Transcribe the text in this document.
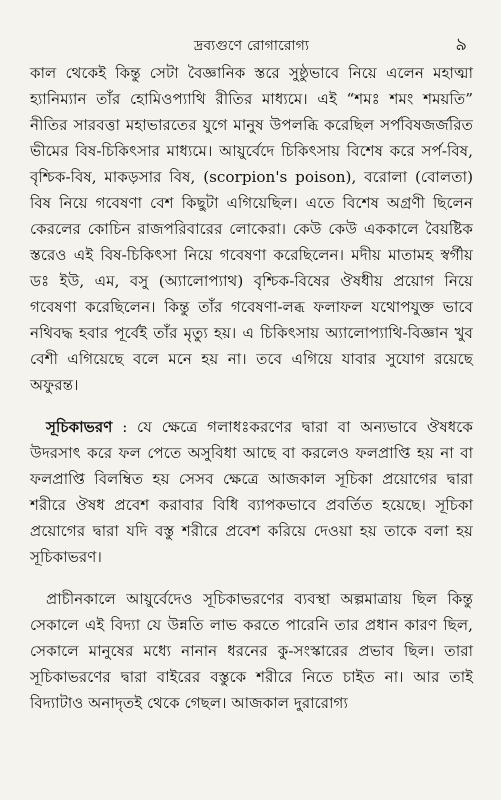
দ্রব্যগুণে রোগারোগ্য	৯

কাল থেকেই কিন্তু সেটা বৈজ্ঞানিক স্তরে সুষ্ঠুভাবে নিয়ে এলেন মহাত্মা হ্যানিম্যান তাঁর হোমিওপ্যাথি রীতির মাধ্যমে। এই “শমঃ শমং শময়তি” নীতির সারবত্তা মহাভারতের যুগে মানুষ উপলব্ধি করেছিল সর্পবিষজর্জরিত ভীমের বিষ-চিকিৎসার মাধ্যমে। আয়ুর্বেদে চিকিৎসায় বিশেষ করে সর্প-বিষ, বৃশ্চিক-বিষ, মাকড়সার বিষ, (scorpion's poison), বরোলা (বোলতা) বিষ নিয়ে গবেষণা বেশ কিছুটা এগিয়েছিল। এতে বিশেষ অগ্রণী ছিলেন কেরলের কোচিন রাজপরিবারের লোকেরা। কেউ কেউ এককালে বৈয়ষ্টিক স্তরেও এই বিষ-চিকিৎসা নিয়ে গবেষণা করেছিলেন। মদীয় মাতামহ স্বর্গীয় ডঃ ইউ, এম, বসু (অ্যালোপ্যাথ) বৃশ্চিক-বিষের ঔষধীয় প্রয়োগ নিয়ে গবেষণা করেছিলেন। কিন্তু তাঁর গবেষণা-লব্ধ ফলাফল যথোপযুক্ত ভাবে নথিবদ্ধ হবার পূর্বেই তাঁর মৃত্যু হয়। এ চিকিৎসায় অ্যালোপ্যাথি-বিজ্ঞান খুব বেশী এগিয়েছে বলে মনে হয় না। তবে এগিয়ে যাবার সুযোগ রয়েছে অফুরন্ত।

সূচিকাভরণ : যে ক্ষেত্রে গলাধঃকরণের দ্বারা বা অন্যভাবে ঔষধকে উদরসাৎ করে ফল পেতে অসুবিধা আছে বা করলেও ফলপ্রাপ্তি হয় না বা ফলপ্রাপ্তি বিলম্বিত হয় সেসব ক্ষেত্রে আজকাল সূচিকা প্রয়োগের দ্বারা শরীরে ঔষধ প্রবেশ করাবার বিধি ব্যাপকভাবে প্রবর্তিত হয়েছে। সূচিকা প্রয়োগের দ্বারা যদি বস্তু শরীরে প্রবেশ করিয়ে দেওয়া হয় তাকে বলা হয় সূচিকাভরণ।

প্রাচীনকালে আয়ুর্বেদেও সূচিকাভরণের ব্যবস্থা অল্পমাত্রায় ছিল কিন্তু সেকালে এই বিদ্যা যে উন্নতি লাভ করতে পারেনি তার প্রধান কারণ ছিল, সেকালে মানুষের মধ্যে নানান ধরনের কু-সংস্কারের প্রভাব ছিল। তারা সূচিকাভরণের দ্বারা বাইরের বস্তুকে শরীরে নিতে চাইত না। আর তাই বিদ্যাটাও অনাদৃতই থেকে গেছল। আজকাল দুরারোগ্য
